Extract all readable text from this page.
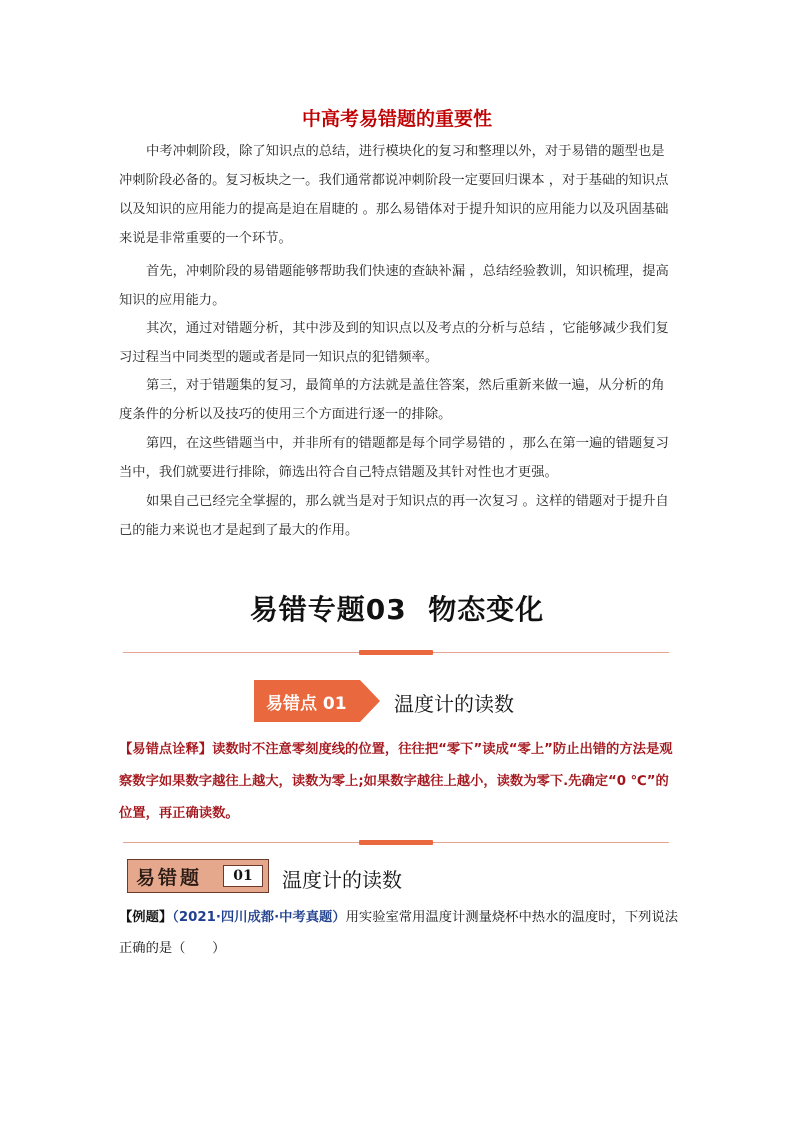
中高考易错题的重要性
中考冲刺阶段，除了知识点的总结，进行模块化的复习和整理以外，对于易错的题型也是冲刺阶段必备的。复习板块之一。我们通常都说冲刺阶段一定要回归课本 ，对于基础的知识点以及知识的应用能力的提高是迫在眉睫的 。那么易错体对于提升知识的应用能力以及巩固基础来说是非常重要的一个环节。
首先，冲刺阶段的易错题能够帮助我们快速的查缺补漏 ，总结经验教训，知识梳理，提高知识的应用能力。
其次，通过对错题分析，其中涉及到的知识点以及考点的分析与总结 ，它能够减少我们复习过程当中同类型的题或者是同一知识点的犯错频率。
第三，对于错题集的复习，最简单的方法就是盖住答案，然后重新来做一遍，从分析的角度条件的分析以及技巧的使用三个方面进行逐一的排除。
第四，在这些错题当中，并非所有的错题都是每个同学易错的 ，那么在第一遍的错题复习当中，我们就要进行排除，筛选出符合自己特点错题及其针对性也才更强。
如果自己已经完全掌握的，那么就当是对于知识点的再一次复习 。这样的错题对于提升自己的能力来说也才是起到了最大的作用。
易错专题03  物态变化
易错点 01 温度计的读数
【易错点诠释】读数时不注意零刻度线的位置，往往把“零下”读成“零上”防止出错的方法是观察数字如果数字越往上越大，读数为零上;如果数字越往上越小，读数为零下.先确定“0 ℃”的位置，再正确读数。
易错题	01	温度计的读数
【例题】（2021·四川成都·中考真题）用实验室常用温度计测量烧杯中热水的温度时，下列说法正确的是（　　）
